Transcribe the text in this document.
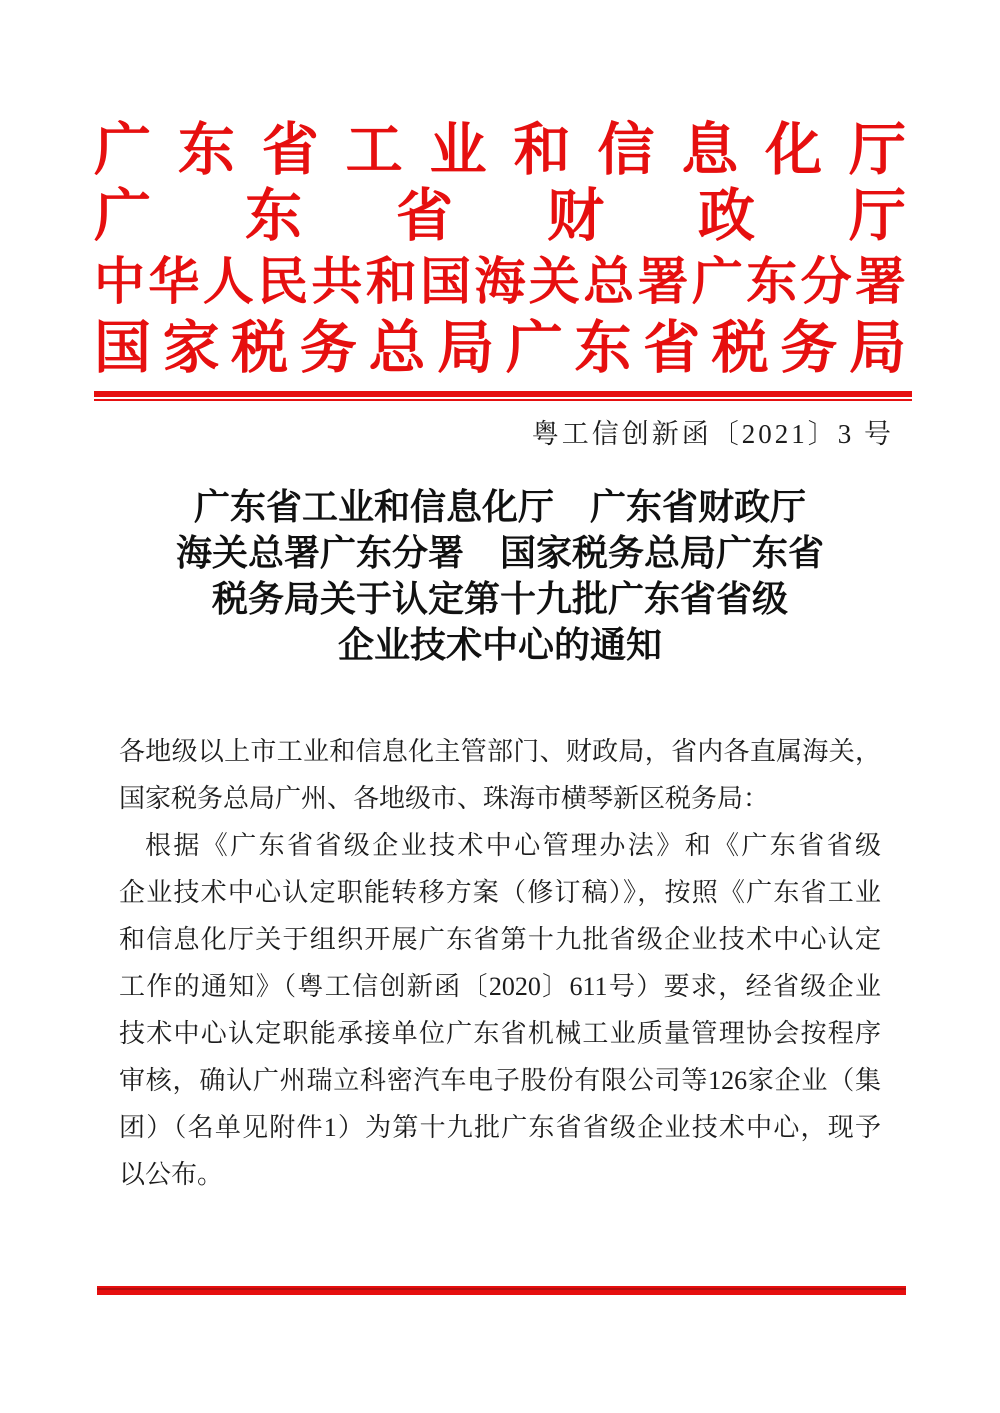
广东省工业和信息化厅
广东省财政厅
中华人民共和国海关总署广东分署
国家税务总局广东省税务局
粤工信创新函〔2021〕3 号
广东省工业和信息化厅　广东省财政厅
海关总署广东分署　国家税务总局广东省
税务局关于认定第十九批广东省省级
企业技术中心的通知
各地级以上市工业和信息化主管部门、财政局，省内各直属海关，
国家税务总局广州、各地级市、珠海市横琴新区税务局：
根据《广东省省级企业技术中心管理办法》和《广东省省级
企业技术中心认定职能转移方案（修订稿）》，按照《广东省工业
和信息化厅关于组织开展广东省第十九批省级企业技术中心认定
工作的通知》（粤工信创新函〔2020〕611号）要求，经省级企业
技术中心认定职能承接单位广东省机械工业质量管理协会按程序
审核，确认广州瑞立科密汽车电子股份有限公司等126家企业（集
团）（名单见附件1）为第十九批广东省省级企业技术中心，现予
以公布。
